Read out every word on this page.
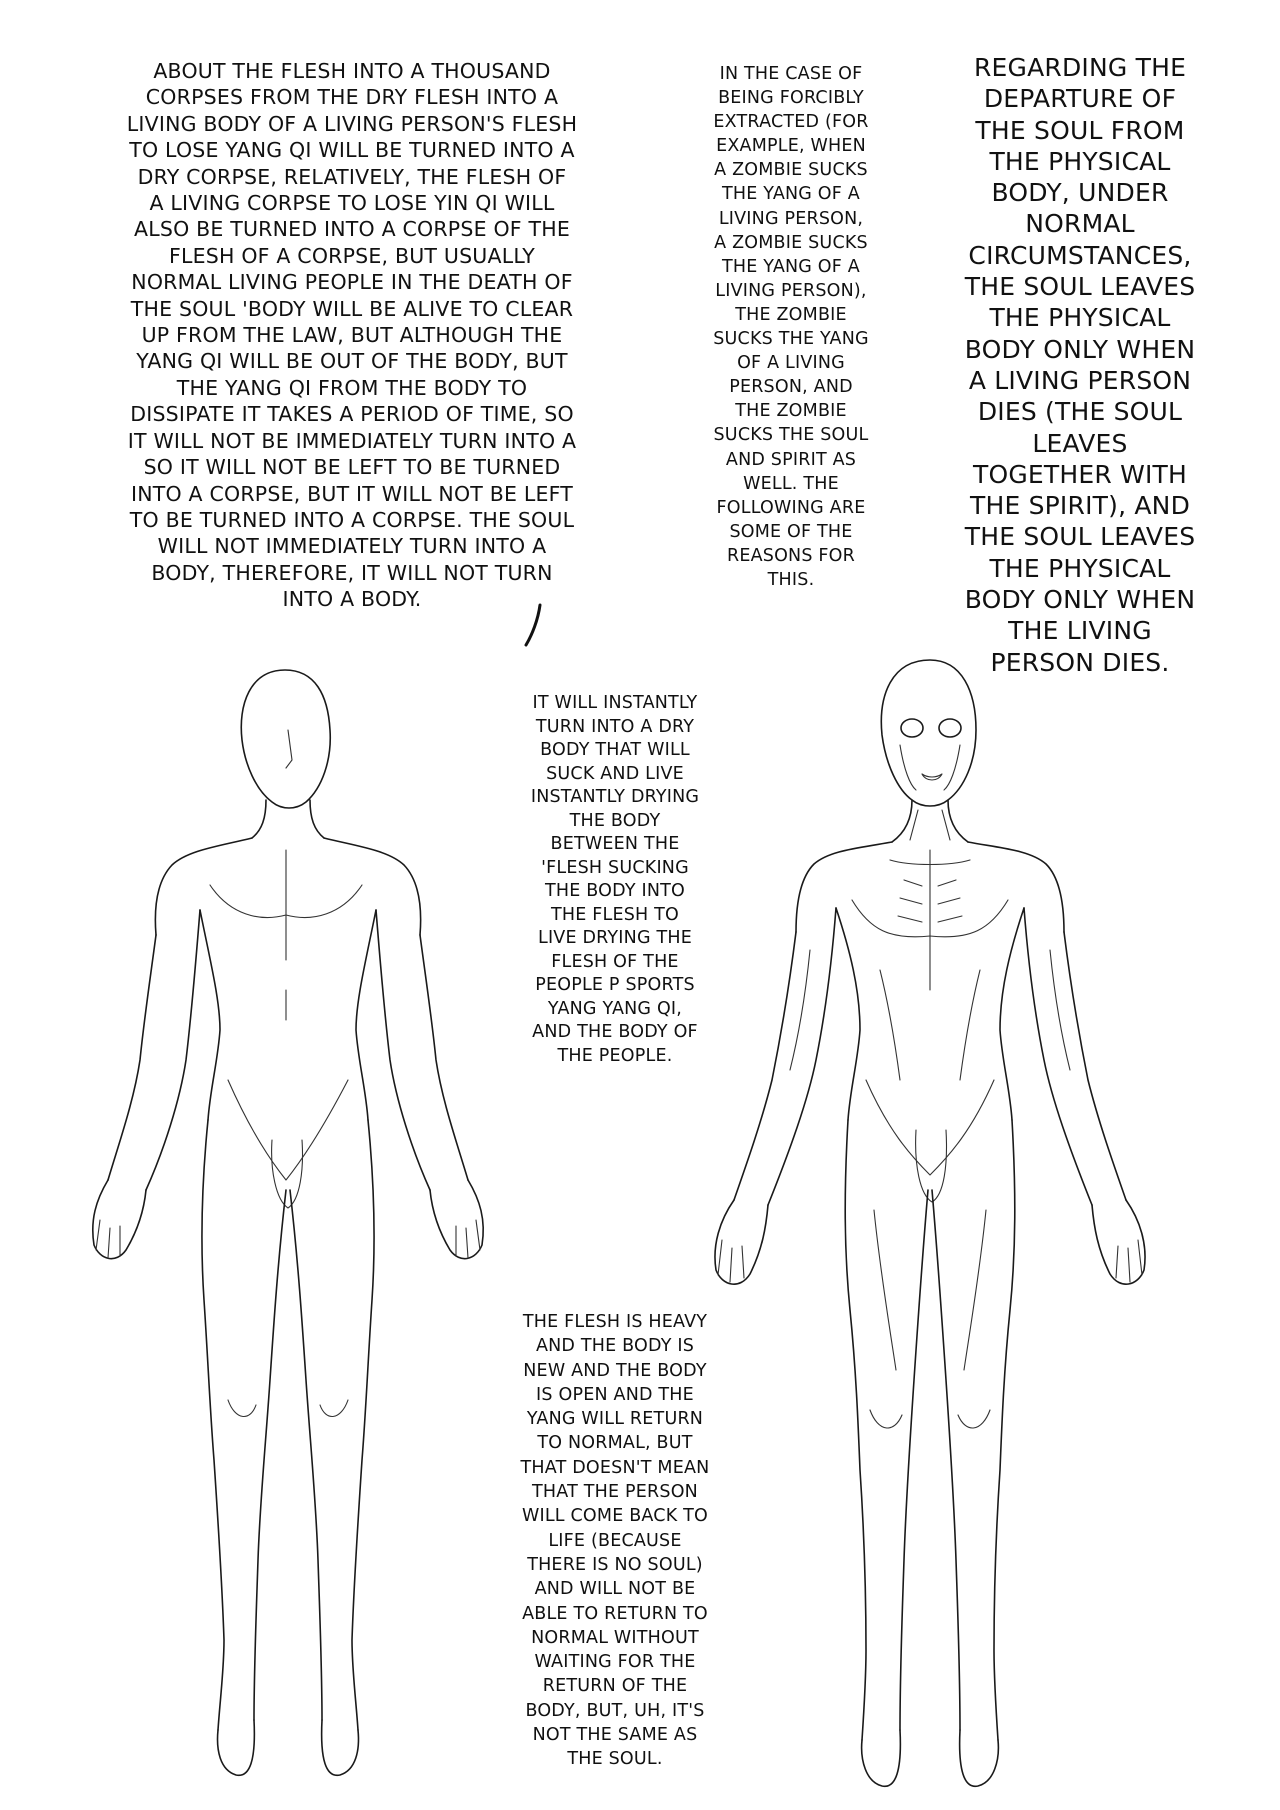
ABOUT THE FLESH INTO A THOUSAND
CORPSES FROM THE DRY FLESH INTO A
LIVING BODY OF A LIVING PERSON'S FLESH
TO LOSE YANG QI WILL BE TURNED INTO A
DRY CORPSE, RELATIVELY, THE FLESH OF
A LIVING CORPSE TO LOSE YIN QI WILL
ALSO BE TURNED INTO A CORPSE OF THE
FLESH OF A CORPSE, BUT USUALLY
NORMAL LIVING PEOPLE IN THE DEATH OF
THE SOUL 'BODY WILL BE ALIVE TO CLEAR
UP FROM THE LAW, BUT ALTHOUGH THE
YANG QI WILL BE OUT OF THE BODY, BUT
THE YANG QI FROM THE BODY TO
DISSIPATE IT TAKES A PERIOD OF TIME, SO
IT WILL NOT BE IMMEDIATELY TURN INTO A
SO IT WILL NOT BE LEFT TO BE TURNED
INTO A CORPSE, BUT IT WILL NOT BE LEFT
TO BE TURNED INTO A CORPSE. THE SOUL
WILL NOT IMMEDIATELY TURN INTO A
BODY, THEREFORE, IT WILL NOT TURN
INTO A BODY.
IN THE CASE OF
BEING FORCIBLY
EXTRACTED (FOR
EXAMPLE, WHEN
A ZOMBIE SUCKS
THE YANG OF A
LIVING PERSON,
A ZOMBIE SUCKS
THE YANG OF A
LIVING PERSON),
THE ZOMBIE
SUCKS THE YANG
OF A LIVING
PERSON, AND
THE ZOMBIE
SUCKS THE SOUL
AND SPIRIT AS
WELL. THE
FOLLOWING ARE
SOME OF THE
REASONS FOR
THIS.
REGARDING THE
DEPARTURE OF
THE SOUL FROM
THE PHYSICAL
BODY, UNDER
NORMAL
CIRCUMSTANCES,
THE SOUL LEAVES
THE PHYSICAL
BODY ONLY WHEN
A LIVING PERSON
DIES (THE SOUL
LEAVES
TOGETHER WITH
THE SPIRIT), AND
THE SOUL LEAVES
THE PHYSICAL
BODY ONLY WHEN
THE LIVING
PERSON DIES.
IT WILL INSTANTLY
TURN INTO A DRY
BODY THAT WILL
SUCK AND LIVE
INSTANTLY DRYING
THE BODY
BETWEEN THE
'FLESH SUCKING
THE BODY INTO
THE FLESH TO
LIVE DRYING THE
FLESH OF THE
PEOPLE P SPORTS
YANG YANG QI,
AND THE BODY OF
THE PEOPLE.
THE FLESH IS HEAVY
AND THE BODY IS
NEW AND THE BODY
IS OPEN AND THE
YANG WILL RETURN
TO NORMAL, BUT
THAT DOESN'T MEAN
THAT THE PERSON
WILL COME BACK TO
LIFE (BECAUSE
THERE IS NO SOUL)
AND WILL NOT BE
ABLE TO RETURN TO
NORMAL WITHOUT
WAITING FOR THE
RETURN OF THE
BODY, BUT, UH, IT'S
NOT THE SAME AS
THE SOUL.
